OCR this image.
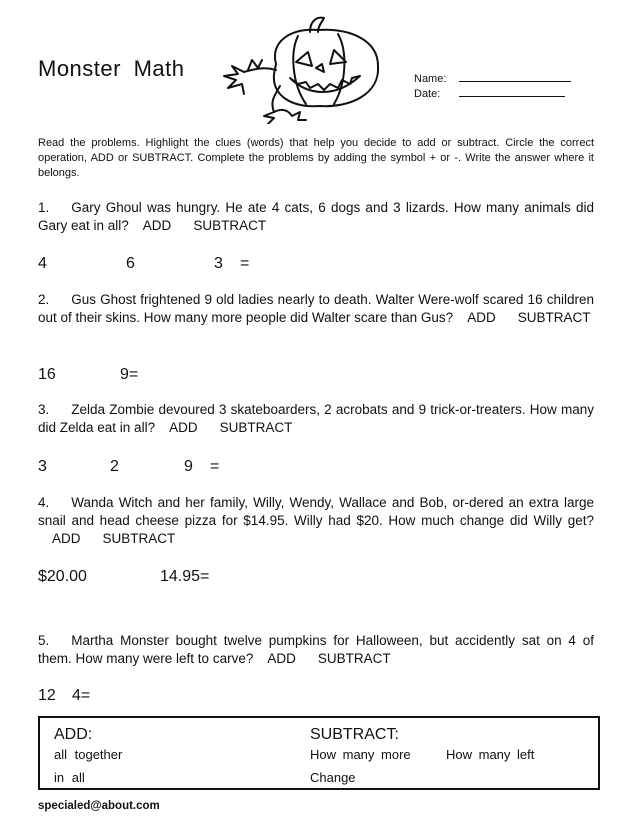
Monster Math	Name:
Date:
Read the problems. Highlight the clues (words) that help you decide to add or subtract. Circle the correct operation, ADD or SUBTRACT. Complete the problems by adding the symbol + or -. Write the answer where it belongs.
1. Gary Ghoul was hungry. He ate 4 cats, 6 dogs and 3 lizards. How many animals did Gary eat in all? ADD SUBTRACT
4	6	3 =
2. Gus Ghost frightened 9 old ladies nearly to death. Walter Were-wolf scared 16 children out of their skins. How many more people did Walter scare than Gus? ADD SUBTRACT
16	9=
3. Zelda Zombie devoured 3 skateboarders, 2 acrobats and 9 trick-or-treaters. How many did Zelda eat in all? ADD SUBTRACT
3	2	9 =
4. Wanda Witch and her family, Willy, Wendy, Wallace and Bob, or-dered an extra large snail and head cheese pizza for $14.95. Willy had $20. How much change did Willy get?ADD SUBTRACT
$20.00	14.95=
5. Martha Monster bought twelve pumpkins for Halloween, but accidently sat on 4 of them. How many were left to carve? ADD SUBTRACT
12 4=
ADD:
all together
in all
SUBTRACT:
How many more	How many left
Change
specialed@about.com
